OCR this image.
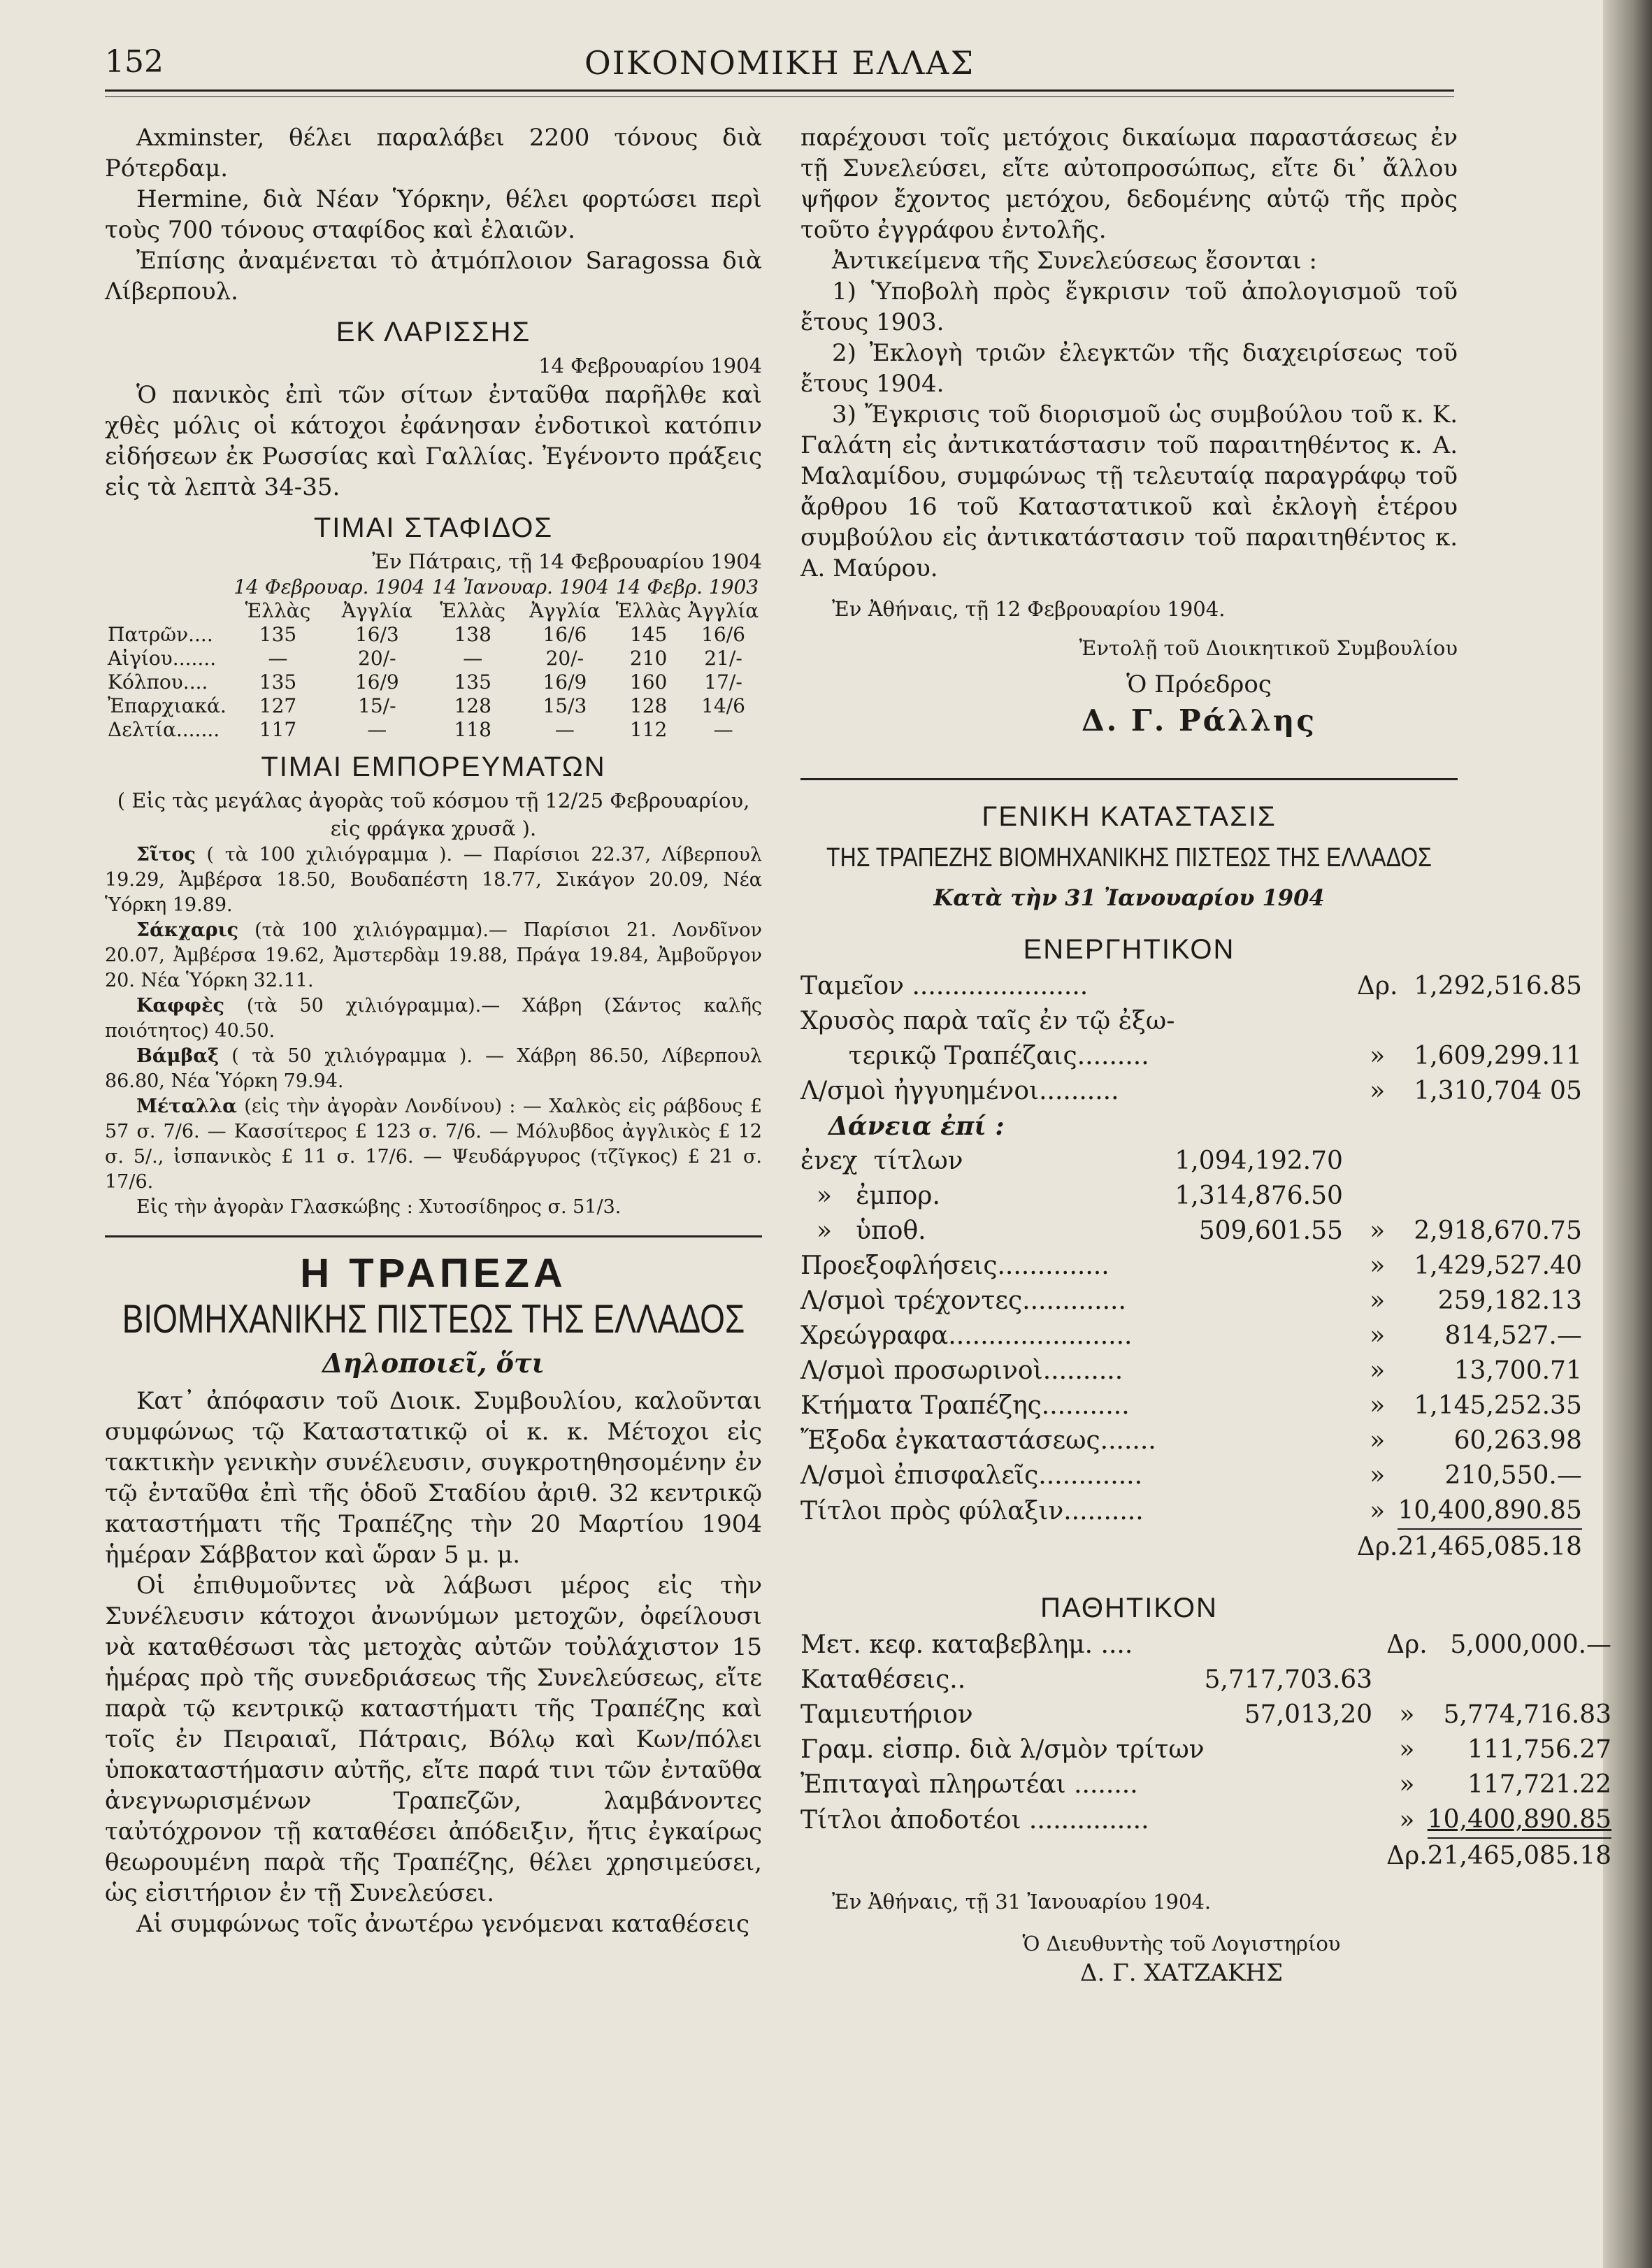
152	ΟΙΚΟΝΟΜΙΚΗ ΕΛΛΑΣ

Axminster, θέλει παραλάβει 2200 τόνους διὰ Ρότερδαμ.

Hermine, διὰ Νέαν Ὑόρκην, θέλει φορτώσει περὶ τοὺς 700 τόνους σταφίδος καὶ ἐλαιῶν.

Ἐπίσης ἀναμένεται τὸ ἀτμόπλοιον Saragossa διὰ Λίβερπουλ.

ΕΚ ΛΑΡΙΣΣΗΣ

14 Φεβρουαρίου 1904

Ὁ πανικὸς ἐπὶ τῶν σίτων ἐνταῦθα παρῆλθε καὶ χθὲς μόλις οἱ κάτοχοι ἐφάνησαν ἐνδοτικοὶ κατόπιν εἰδήσεων ἐκ Ρωσσίας καὶ Γαλλίας. Ἐγένοντο πράξεις εἰς τὰ λεπτὰ 34-35.

ΤΙΜΑΙ ΣΤΑΦΙΔΟΣ

Ἐν Πάτραις, τῇ 14 Φεβρουαρίου 1904

	14 Φεβρουαρ. 1904		14 Ἰανουαρ. 1904		14 Φεβρ. 1903	
	Ἑλλὰς	Ἀγγλία	Ἑλλὰς	Ἀγγλία	Ἑλλὰς	Ἀγγλία
Πατρῶν....	135	16/3	138	16/6	145	16/6
Αἰγίου.......	—	20/-	—	20/-	210	21/-
Κόλπου....	135	16/9	135	16/9	160	17/-
Ἐπαρχιακά.	127	15/-	128	15/3	128	14/6
Δελτία.......	117	—	118	—	112	—
ΤΙΜΑΙ ΕΜΠΟΡΕΥΜΑΤΩΝ

( Εἰς τὰς μεγάλας ἀγορὰς τοῦ κόσμου τῇ 12/25 Φεβρουαρίου, εἰς φράγκα χρυσᾶ ).

Σῖτος ( τὰ 100 χιλιόγραμμα ). — Παρίσιοι 22.37, Λίβερπουλ 19.29, Ἀμβέρσα 18.50, Βουδαπέστη 18.77, Σικάγον 20.09, Νέα Ὑόρκη 19.89.

Σάκχαρις (τὰ 100 χιλιόγραμμα).— Παρίσιοι 21. Λονδῖνον 20.07, Ἀμβέρσα 19.62, Ἀμστερδὰμ 19.88, Πράγα 19.84, Ἀμβοῦργον 20. Νέα Ὑόρκη 32.11.

Καφφὲς (τὰ 50 χιλιόγραμμα).— Χάβρη (Σάντος καλῆς ποιότητος) 40.50.

Βάμβαξ ( τὰ 50 χιλιόγραμμα ). — Χάβρη 86.50, Λίβερπουλ 86.80, Νέα Ὑόρκη 79.94.

Μέταλλα (εἰς τὴν ἀγορὰν Λονδίνου) : — Χαλκὸς εἰς ράβδους £ 57 σ. 7/6. — Κασσίτερος £ 123 σ. 7/6. — Μόλυβδος ἀγγλικὸς £ 12 σ. 5/., ἰσπανικὸς £ 11 σ. 17/6. — Ψευδάργυρος (τζῖγκος) £ 21 σ. 17/6.

Εἰς τὴν ἀγορὰν Γλασκώβης : Χυτοσίδηρος σ. 51/3.

Η ΤΡΑΠΕΖΑ
ΒΙΟΜΗΧΑΝΙΚΗΣ ΠΙΣΤΕΩΣ ΤΗΣ ΕΛΛΑΔΟΣ
Δηλοποιεῖ, ὅτι

Κατ᾽ ἀπόφασιν τοῦ Διοικ. Συμβουλίου, καλοῦνται συμφώνως τῷ Καταστατικῷ οἱ κ. κ. Μέτοχοι εἰς τακτικὴν γενικὴν συνέλευσιν, συγκροτηθησομένην ἐν τῷ ἐνταῦθα ἐπὶ τῆς ὁδοῦ Σταδίου ἀριθ. 32 κεντρικῷ καταστήματι τῆς Τραπέζης τὴν 20 Μαρτίου 1904 ἡμέραν Σάββατον καὶ ὥραν 5 μ. μ.

Οἱ ἐπιθυμοῦντες νὰ λάβωσι μέρος εἰς τὴν Συνέλευσιν κάτοχοι ἀνωνύμων μετοχῶν, ὀφείλουσι νὰ καταθέσωσι τὰς μετοχὰς αὐτῶν τοὐλάχιστον 15 ἡμέρας πρὸ τῆς συνεδριάσεως τῆς Συνελεύσεως, εἴτε παρὰ τῷ κεντρικῷ καταστήματι τῆς Τραπέζης καὶ τοῖς ἐν Πειραιαῖ, Πάτραις, Βόλῳ καὶ Κων/πόλει ὑποκαταστήμασιν αὐτῆς, εἴτε παρά τινι τῶν ἐνταῦθα ἀνεγνωρισμένων Τραπεζῶν, λαμβάνοντες ταὐτόχρονον τῇ καταθέσει ἀπόδειξιν, ἥτις ἐγκαίρως θεωρουμένη παρὰ τῆς Τραπέζης, θέλει χρησιμεύσει, ὡς εἰσιτήριον ἐν τῇ Συνελεύσει.

Αἱ συμφώνως τοῖς ἀνωτέρω γενόμεναι καταθέσεις

παρέχουσι τοῖς μετόχοις δικαίωμα παραστάσεως ἐν τῇ Συνελεύσει, εἴτε αὐτοπροσώπως, εἴτε δι᾽ ἄλλου ψῆφον ἔχοντος μετόχου, δεδομένης αὐτῷ τῆς πρὸς τοῦτο ἐγγράφου ἐντολῆς.

Ἀντικείμενα τῆς Συνελεύσεως ἔσονται :

1) Ὑποβολὴ πρὸς ἔγκρισιν τοῦ ἀπολογισμοῦ τοῦ ἔτους 1903.

2) Ἐκλογὴ τριῶν ἐλεγκτῶν τῆς διαχειρίσεως τοῦ ἔτους 1904.

3) Ἔγκρισις τοῦ διορισμοῦ ὡς συμβούλου τοῦ κ. Κ. Γαλάτη εἰς ἀντικατάστασιν τοῦ παραιτηθέντος κ. Α. Μαλαμίδου, συμφώνως τῇ τελευταίᾳ παραγράφῳ τοῦ ἄρθρου 16 τοῦ Καταστατικοῦ καὶ ἐκλογὴ ἑτέρου συμβούλου εἰς ἀντικατάστασιν τοῦ παραιτηθέντος κ. Α. Μαύρου.

Ἐν Ἀθήναις, τῇ 12 Φεβρουαρίου 1904.

Ἐντολῇ τοῦ Διοικητικοῦ Συμβουλίου

Ὁ Πρόεδρος

Δ. Γ. Ράλλης
ΓΕΝΙΚΗ ΚΑΤΑΣΤΑΣΙΣ
ΤΗΣ ΤΡΑΠΕΖΗΣ ΒΙΟΜΗΧΑΝΙΚΗΣ ΠΙΣΤΕΩΣ ΤΗΣ ΕΛΛΑΔΟΣ
Κατὰ τὴν 31 Ἰανουαρίου 1904
ΕΝΕΡΓΗΤΙΚΟΝ
Ταμεῖον ......................		Δρ.	1,292,516.85
Χρυσὸς παρὰ ταῖς ἐν τῷ ἐξω-			
τερικῷ Τραπέζαις.........		»	1,609,299.11
Λ/σμοὶ ἠγγυημένοι..........		»	1,310,704 05
Δάνεια ἐπί :			
ἐνεχ  τίτλων	1,094,192.70		
»   ἐμπορ.	1,314,876.50		
»   ὑποθ.	509,601.55	»	2,918,670.75
Προεξοφλήσεις..............		»	1,429,527.40
Λ/σμοὶ τρέχοντες.............		»	259,182.13
Χρεώγραφα.......................		»	814,527.—
Λ/σμοὶ προσωρινοὶ..........		»	13,700.71
Κτήματα Τραπέζης...........		»	1,145,252.35
Ἔξοδα ἐγκαταστάσεως.......		»	60,263.98
Λ/σμοὶ ἐπισφαλεῖς.............		»	210,550.—
Τίτλοι πρὸς φύλαξιν..........		»	10,400,890.85
		Δρ.	21,465,085.18
ΠΑΘΗΤΙΚΟΝ
Μετ. κεφ. καταβεβλημ. ....		Δρ.	5,000,000.—
Καταθέσεις..	5,717,703.63		
Ταμιευτήριον	57,013,20	»	5,774,716.83
Γραμ. εἰσπρ. διὰ λ/σμὸν τρίτων		»	111,756.27
Ἐπιταγαὶ πληρωτέαι ........		»	117,721.22
Τίτλοι ἀποδοτέοι ...............		»	10,400,890.85
		Δρ.	21,465,085.18

Ἐν Ἀθήναις, τῇ 31 Ἰανουαρίου 1904.

Ὁ Διευθυντὴς τοῦ Λογιστηρίου

Δ. Γ. ΧΑΤΖΑΚΗΣ
